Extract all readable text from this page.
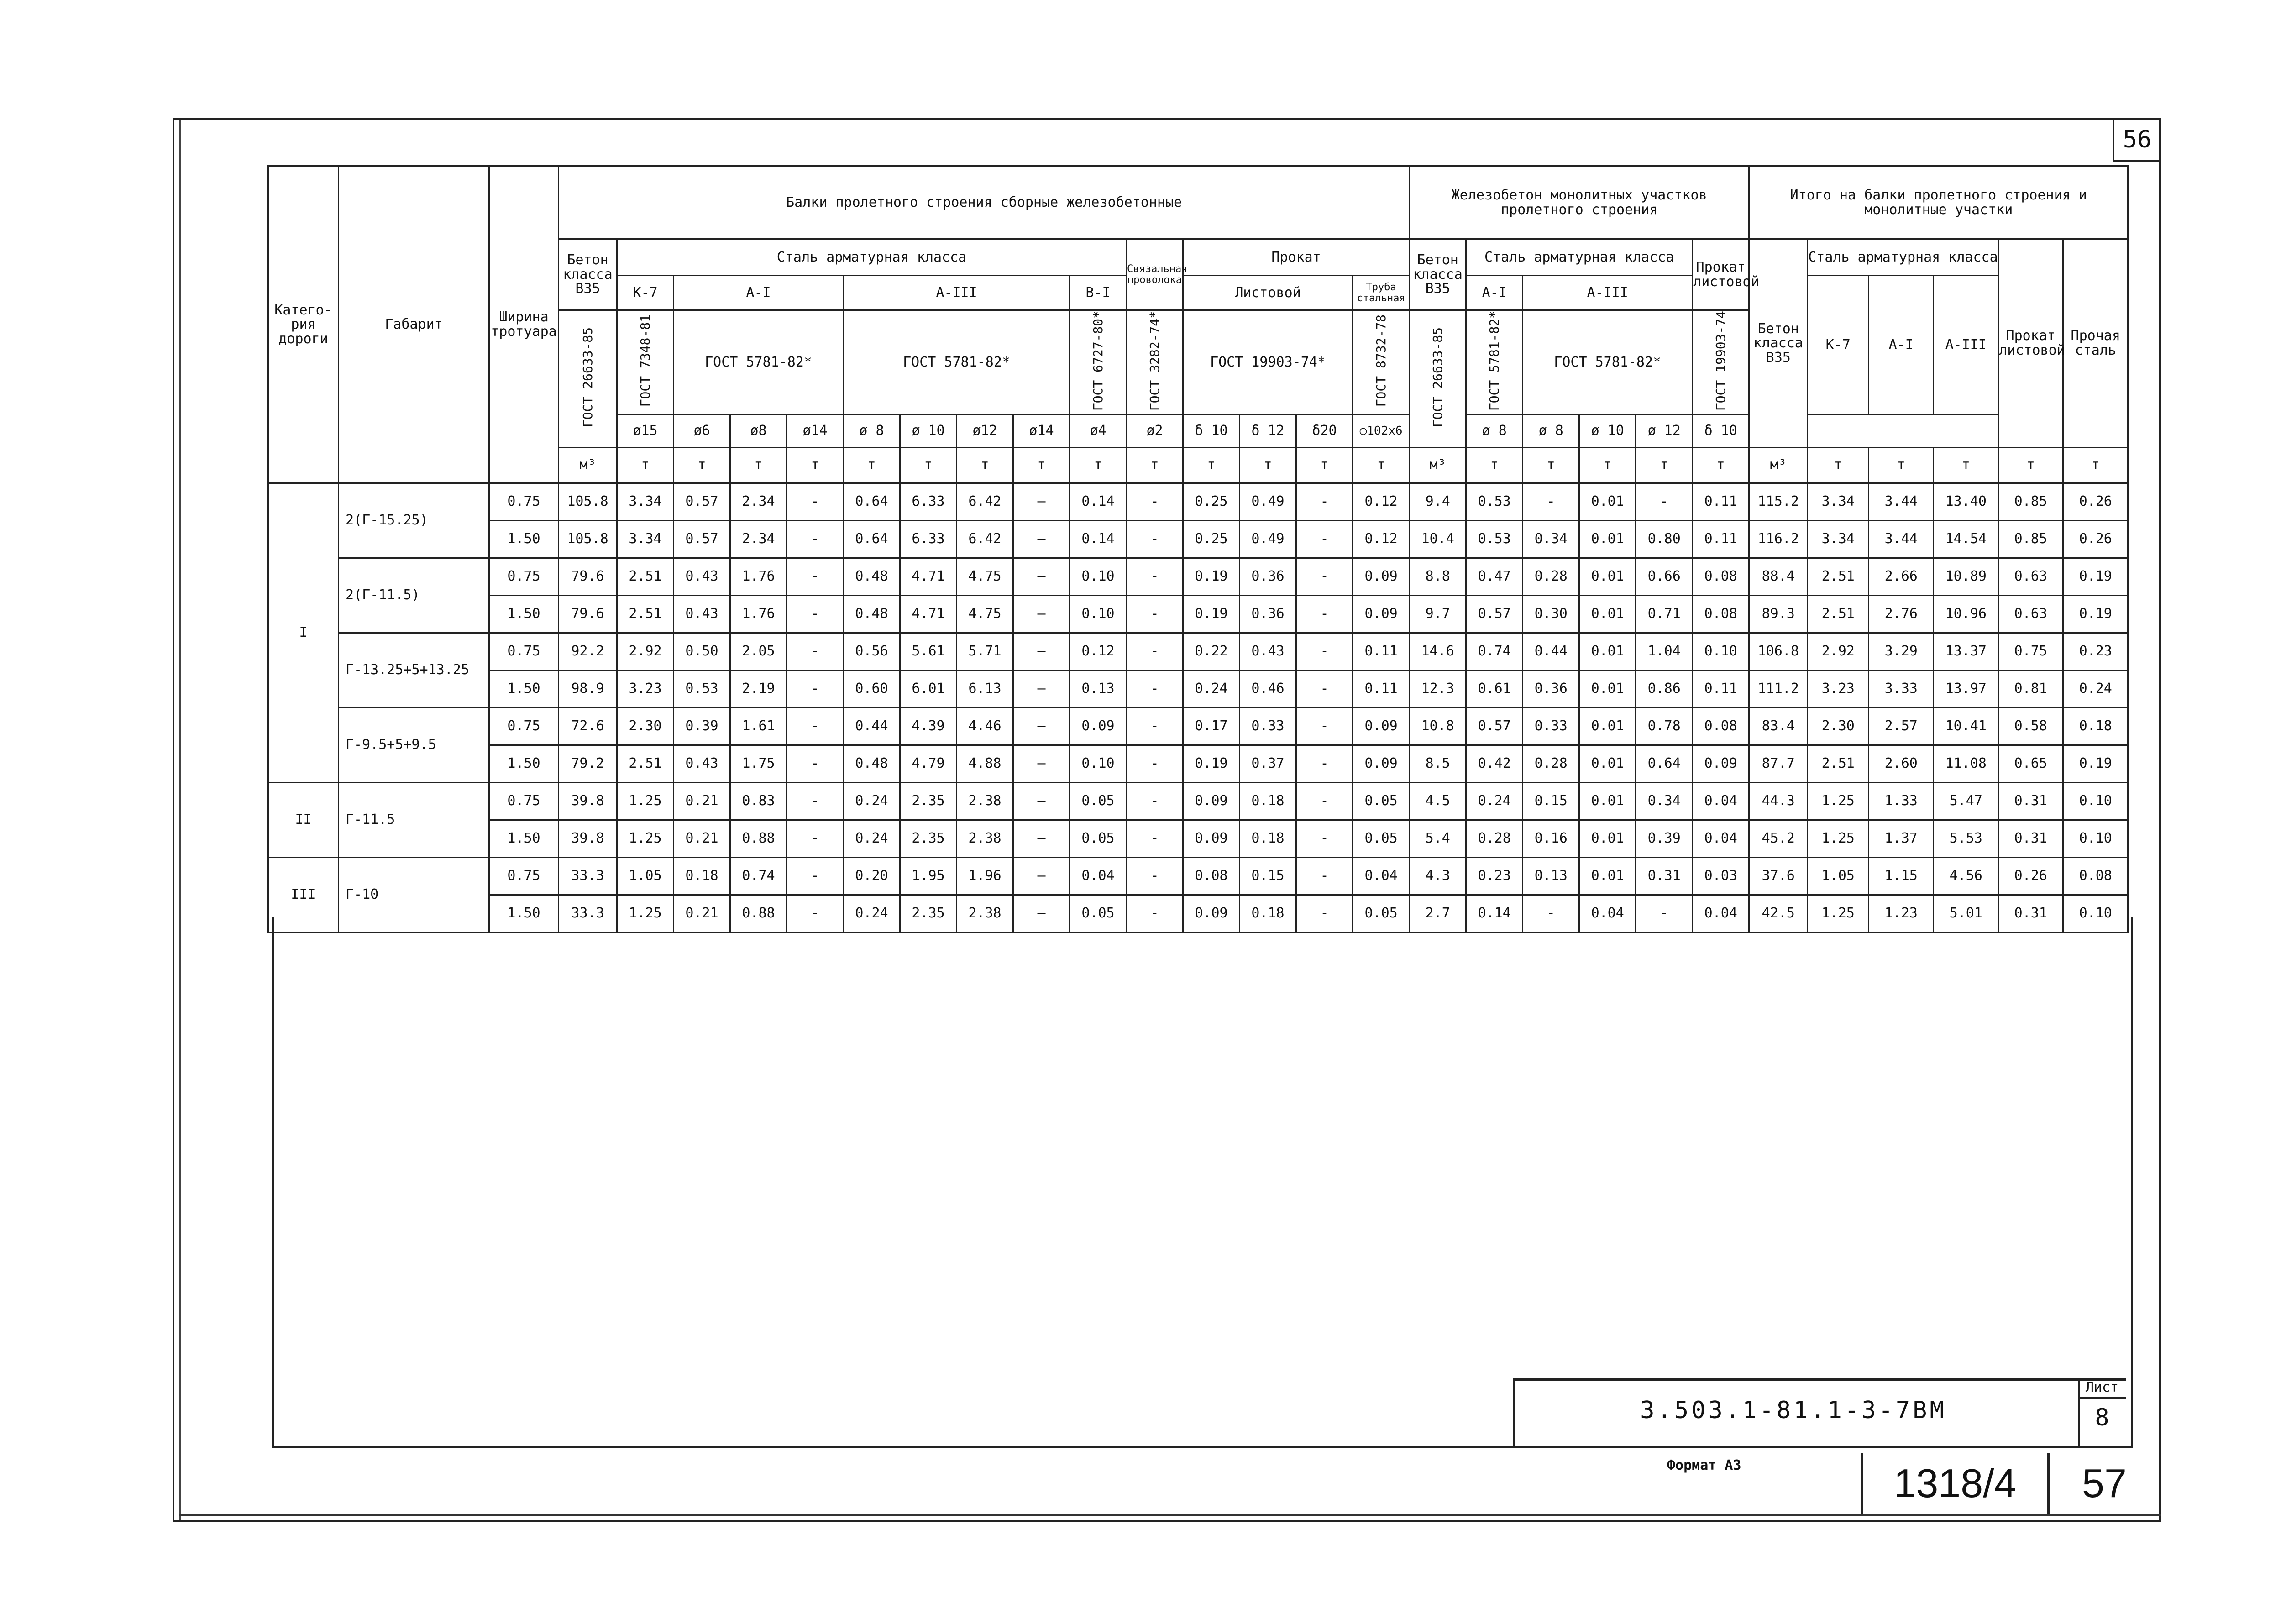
56
Катего-рия дороги	Габарит	Ширина тротуара	Балки пролетного строения сборные железобетонные															Железобетон монолитных участков пролетного строения						Итого на балки пролетного строения и монолитные участки					
			Бетон класса В35	Сталь арматурная класса									Связальная проволока	Прокат				Бетон класса В35	Сталь арматурная класса				Прокат листовой	Бетон класса В35	Сталь арматурная класса			Прокат листовой	Прочая сталь
				К-7	А-I			А-III				В-I		Листовой			Труба стальная		А-I	А-III					К-7	А-I	А-III		
			ГОСТ 26633-85	ГОСТ 7348-81	ГОСТ 5781-82*			ГОСТ 5781-82*				ГОСТ 6727-80*	ГОСТ 3282-74*	ГОСТ 19903-74*			ГОСТ 8732-78	ГОСТ 26633-85	ГОСТ 5781-82*	ГОСТ 5781-82*			ГОСТ 19903-74						
				ø15	ø6	ø8	ø14	ø 8	ø 10	ø12	ø14	ø4	ø2	δ 10	δ 12	δ20	○102х6		ø 8	ø 8	ø 10	ø 12	δ 10						
			м³	т	т	т	т	т	т	т	т	т	т	т	т	т	т	м³	т	т	т	т	т	м³	т	т	т	т	т
I	2(Г-15.25)	0.75	105.8	3.34	0.57	2.34	-	0.64	6.33	6.42	—	0.14	-	0.25	0.49	-	0.12	9.4	0.53	-	0.01	-	0.11	115.2	3.34	3.44	13.40	0.85	0.26
		1.50	105.8	3.34	0.57	2.34	-	0.64	6.33	6.42	—	0.14	-	0.25	0.49	-	0.12	10.4	0.53	0.34	0.01	0.80	0.11	116.2	3.34	3.44	14.54	0.85	0.26
	2(Г-11.5)	0.75	79.6	2.51	0.43	1.76	-	0.48	4.71	4.75	—	0.10	-	0.19	0.36	-	0.09	8.8	0.47	0.28	0.01	0.66	0.08	88.4	2.51	2.66	10.89	0.63	0.19
		1.50	79.6	2.51	0.43	1.76	-	0.48	4.71	4.75	—	0.10	-	0.19	0.36	-	0.09	9.7	0.57	0.30	0.01	0.71	0.08	89.3	2.51	2.76	10.96	0.63	0.19
	Г-13.25+5+13.25	0.75	92.2	2.92	0.50	2.05	-	0.56	5.61	5.71	—	0.12	-	0.22	0.43	-	0.11	14.6	0.74	0.44	0.01	1.04	0.10	106.8	2.92	3.29	13.37	0.75	0.23
		1.50	98.9	3.23	0.53	2.19	-	0.60	6.01	6.13	—	0.13	-	0.24	0.46	-	0.11	12.3	0.61	0.36	0.01	0.86	0.11	111.2	3.23	3.33	13.97	0.81	0.24
	Г-9.5+5+9.5	0.75	72.6	2.30	0.39	1.61	-	0.44	4.39	4.46	—	0.09	-	0.17	0.33	-	0.09	10.8	0.57	0.33	0.01	0.78	0.08	83.4	2.30	2.57	10.41	0.58	0.18
		1.50	79.2	2.51	0.43	1.75	-	0.48	4.79	4.88	—	0.10	-	0.19	0.37	-	0.09	8.5	0.42	0.28	0.01	0.64	0.09	87.7	2.51	2.60	11.08	0.65	0.19
II	Г-11.5	0.75	39.8	1.25	0.21	0.83	-	0.24	2.35	2.38	—	0.05	-	0.09	0.18	-	0.05	4.5	0.24	0.15	0.01	0.34	0.04	44.3	1.25	1.33	5.47	0.31	0.10
		1.50	39.8	1.25	0.21	0.88	-	0.24	2.35	2.38	—	0.05	-	0.09	0.18	-	0.05	5.4	0.28	0.16	0.01	0.39	0.04	45.2	1.25	1.37	5.53	0.31	0.10
III	Г-10	0.75	33.3	1.05	0.18	0.74	-	0.20	1.95	1.96	—	0.04	-	0.08	0.15	-	0.04	4.3	0.23	0.13	0.01	0.31	0.03	37.6	1.05	1.15	4.56	0.26	0.08
		1.50	33.3	1.25	0.21	0.88	-	0.24	2.35	2.38	—	0.05	-	0.09	0.18	-	0.05	2.7	0.14	-	0.04	-	0.04	42.5	1.25	1.23	5.01	0.31	0.10
3.503.1-81.1-3-7ВМ
Лист
8
Формат А3	1318/4	57
